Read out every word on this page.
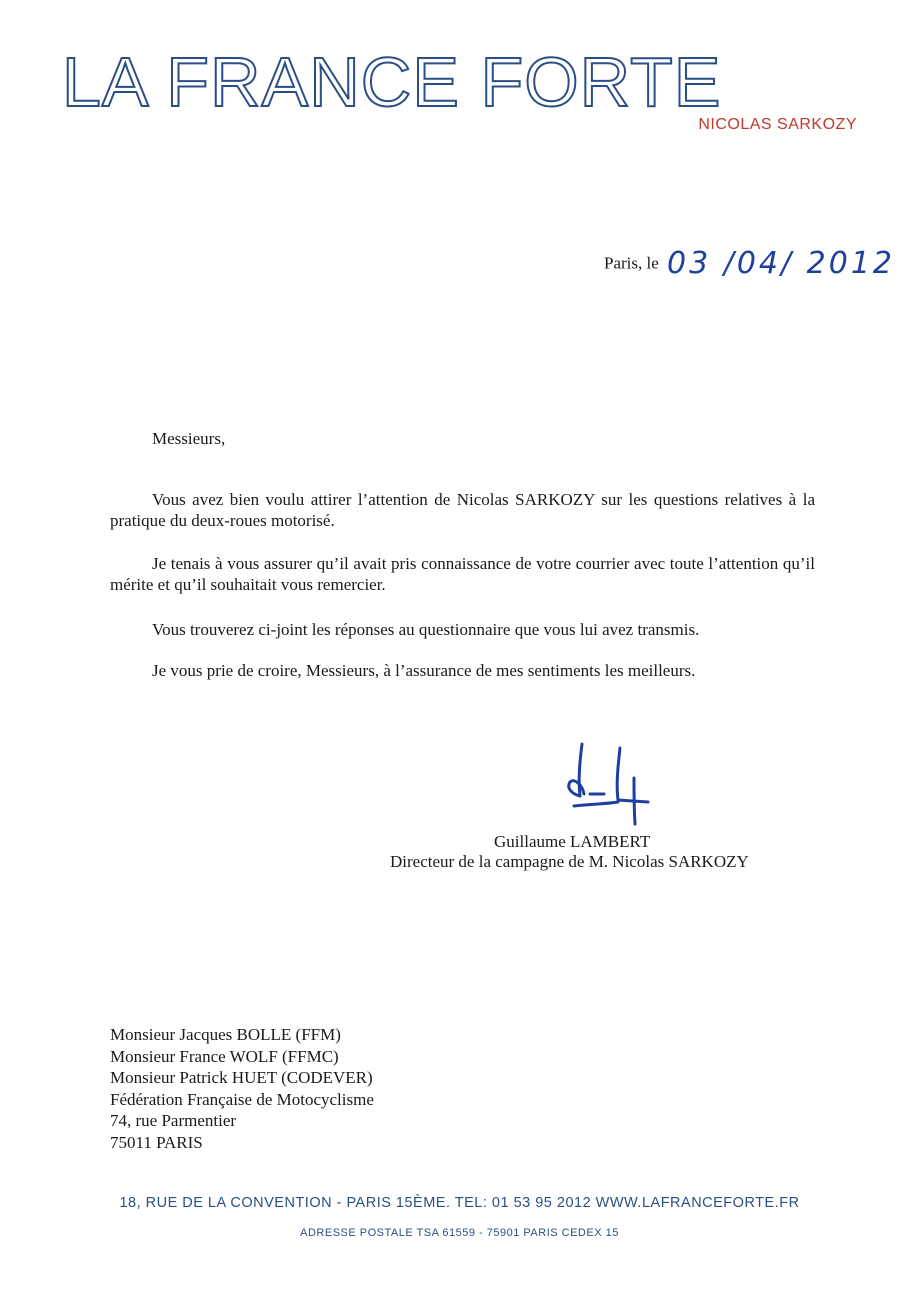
LA FRANCE FORTE
NICOLAS SARKOZY
Paris, le 03 /04/ 2012
Messieurs,
Vous avez bien voulu attirer l’attention de Nicolas SARKOZY sur les questions relatives à la pratique du deux-roues motorisé.
Je tenais à vous assurer qu’il avait pris connaissance de votre courrier avec toute l’attention qu’il mérite et qu’il souhaitait vous remercier.
Vous trouverez ci-joint les réponses au questionnaire que vous lui avez transmis.
Je vous prie de croire, Messieurs, à l’assurance de mes sentiments les meilleurs.
Guillaume LAMBERT
Directeur de la campagne de M. Nicolas SARKOZY
Monsieur Jacques BOLLE (FFM)
Monsieur France WOLF (FFMC)
Monsieur Patrick HUET (CODEVER)
Fédération Française de Motocyclisme
74, rue Parmentier
75011 PARIS
18, RUE DE LA CONVENTION - PARIS 15ÈME. TEL: 01 53 95 2012 WWW.LAFRANCEFORTE.FR
ADRESSE POSTALE TSA 61559 - 75901 PARIS CEDEX 15
